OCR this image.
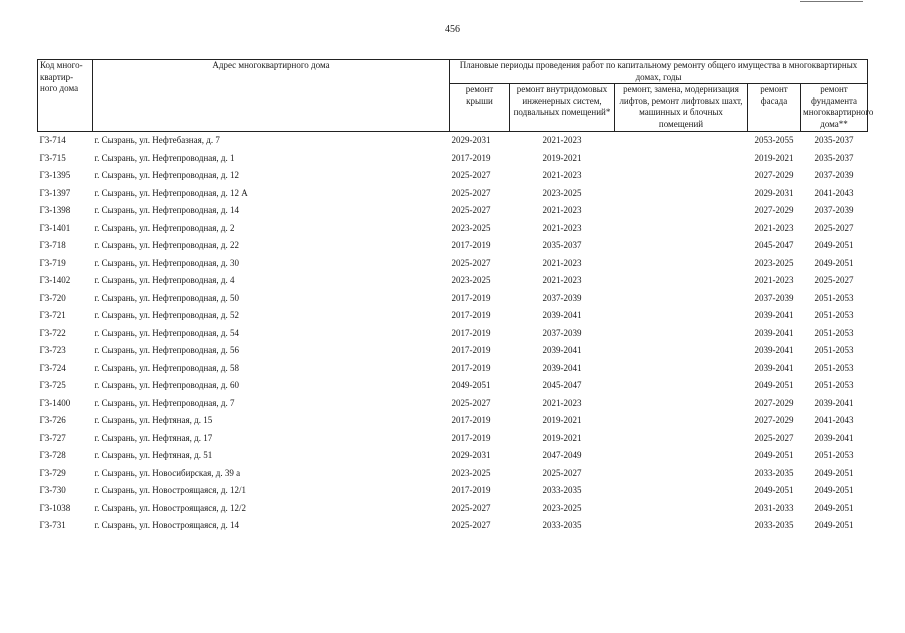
456
Код много-квартир-ного дома	Адрес многоквартирного дома	Плановые периоды проведения работ по капитальному ремонту общего имущества в многоквартирных домах, годы				
		ремонт крыши	ремонт внутридомовых инженерных систем, подвальных помещений*	ремонт, замена, модернизация лифтов, ремонт лифтовых шахт, машинных и блочных помещений	ремонт фасада	ремонт фундамента многоквартирного дома**
Г3-714	г. Сызрань, ул. Нефтебазная, д. 7	2029-2031	2021-2023		2053-2055	2035-2037
Г3-715	г. Сызрань, ул. Нефтепроводная, д. 1	2017-2019	2019-2021		2019-2021	2035-2037
Г3-1395	г. Сызрань, ул. Нефтепроводная, д. 12	2025-2027	2021-2023		2027-2029	2037-2039
Г3-1397	г. Сызрань, ул. Нефтепроводная, д. 12 А	2025-2027	2023-2025		2029-2031	2041-2043
Г3-1398	г. Сызрань, ул. Нефтепроводная, д. 14	2025-2027	2021-2023		2027-2029	2037-2039
Г3-1401	г. Сызрань, ул. Нефтепроводная, д. 2	2023-2025	2021-2023		2021-2023	2025-2027
Г3-718	г. Сызрань, ул. Нефтепроводная, д. 22	2017-2019	2035-2037		2045-2047	2049-2051
Г3-719	г. Сызрань, ул. Нефтепроводная, д. 30	2025-2027	2021-2023		2023-2025	2049-2051
Г3-1402	г. Сызрань, ул. Нефтепроводная, д. 4	2023-2025	2021-2023		2021-2023	2025-2027
Г3-720	г. Сызрань, ул. Нефтепроводная, д. 50	2017-2019	2037-2039		2037-2039	2051-2053
Г3-721	г. Сызрань, ул. Нефтепроводная, д. 52	2017-2019	2039-2041		2039-2041	2051-2053
Г3-722	г. Сызрань, ул. Нефтепроводная, д. 54	2017-2019	2037-2039		2039-2041	2051-2053
Г3-723	г. Сызрань, ул. Нефтепроводная, д. 56	2017-2019	2039-2041		2039-2041	2051-2053
Г3-724	г. Сызрань, ул. Нефтепроводная, д. 58	2017-2019	2039-2041		2039-2041	2051-2053
Г3-725	г. Сызрань, ул. Нефтепроводная, д. 60	2049-2051	2045-2047		2049-2051	2051-2053
Г3-1400	г. Сызрань, ул. Нефтепроводная, д. 7	2025-2027	2021-2023		2027-2029	2039-2041
Г3-726	г. Сызрань, ул. Нефтяная, д. 15	2017-2019	2019-2021		2027-2029	2041-2043
Г3-727	г. Сызрань, ул. Нефтяная, д. 17	2017-2019	2019-2021		2025-2027	2039-2041
Г3-728	г. Сызрань, ул. Нефтяная, д. 51	2029-2031	2047-2049		2049-2051	2051-2053
Г3-729	г. Сызрань, ул. Новосибирская, д. 39 а	2023-2025	2025-2027		2033-2035	2049-2051
Г3-730	г. Сызрань, ул. Новостроящаяся, д. 12/1	2017-2019	2033-2035		2049-2051	2049-2051
Г3-1038	г. Сызрань, ул. Новостроящаяся, д. 12/2	2025-2027	2023-2025		2031-2033	2049-2051
Г3-731	г. Сызрань, ул. Новостроящаяся, д. 14	2025-2027	2033-2035		2033-2035	2049-2051
